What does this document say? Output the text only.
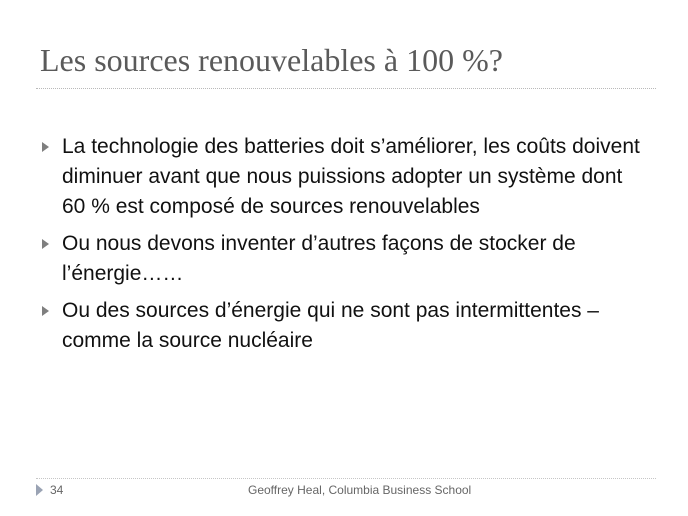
Les sources renouvelables à 100 %?
La technologie des batteries doit s’améliorer, les coûts doivent diminuer avant que nous puissions adopter un système dont 60 % est composé de sources renouvelables
Ou nous devons inventer d’autres façons de stocker de l’énergie……
Ou des sources d’énergie qui ne sont pas intermittentes – comme la source nucléaire
34	Geoffrey Heal, Columbia Business School
